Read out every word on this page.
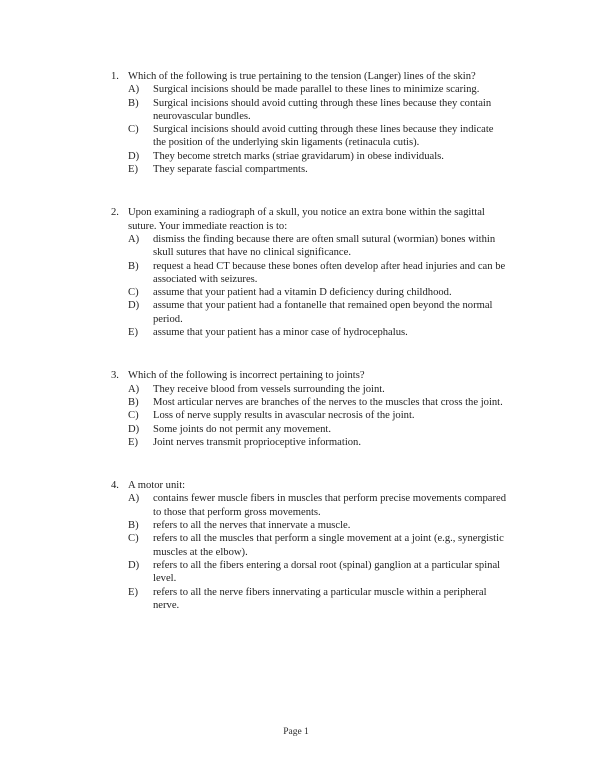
1. Which of the following is true pertaining to the tension (Langer) lines of the skin?
A)	Surgical incisions should be made parallel to these lines to minimize scaring.
B)	Surgical incisions should avoid cutting through these lines because they contain
neurovascular bundles.
C)	Surgical incisions should avoid cutting through these lines because they indicate
the position of the underlying skin ligaments (retinacula cutis).
D)	They become stretch marks (striae gravidarum) in obese individuals.
E)	They separate fascial compartments.
2. Upon examining a radiograph of a skull, you notice an extra bone within the sagittal
suture. Your immediate reaction is to:
A)	dismiss the finding because there are often small sutural (wormian) bones within
skull sutures that have no clinical significance.
B)	request a head CT because these bones often develop after head injuries and can be
associated with seizures.
C)	assume that your patient had a vitamin D deficiency during childhood.
D)	assume that your patient had a fontanelle that remained open beyond the normal
period.
E)	assume that your patient has a minor case of hydrocephalus.
3. Which of the following is incorrect pertaining to joints?
A)	They receive blood from vessels surrounding the joint.
B)	Most articular nerves are branches of the nerves to the muscles that cross the joint.
C)	Loss of nerve supply results in avascular necrosis of the joint.
D)	Some joints do not permit any movement.
E)	Joint nerves transmit proprioceptive information.
4. A motor unit:
A)	contains fewer muscle fibers in muscles that perform precise movements compared
to those that perform gross movements.
B)	refers to all the nerves that innervate a muscle.
C)	refers to all the muscles that perform a single movement at a joint (e.g., synergistic
muscles at the elbow).
D)	refers to all the fibers entering a dorsal root (spinal) ganglion at a particular spinal
level.
E)	refers to all the nerve fibers innervating a particular muscle within a peripheral
nerve.
Page 1
